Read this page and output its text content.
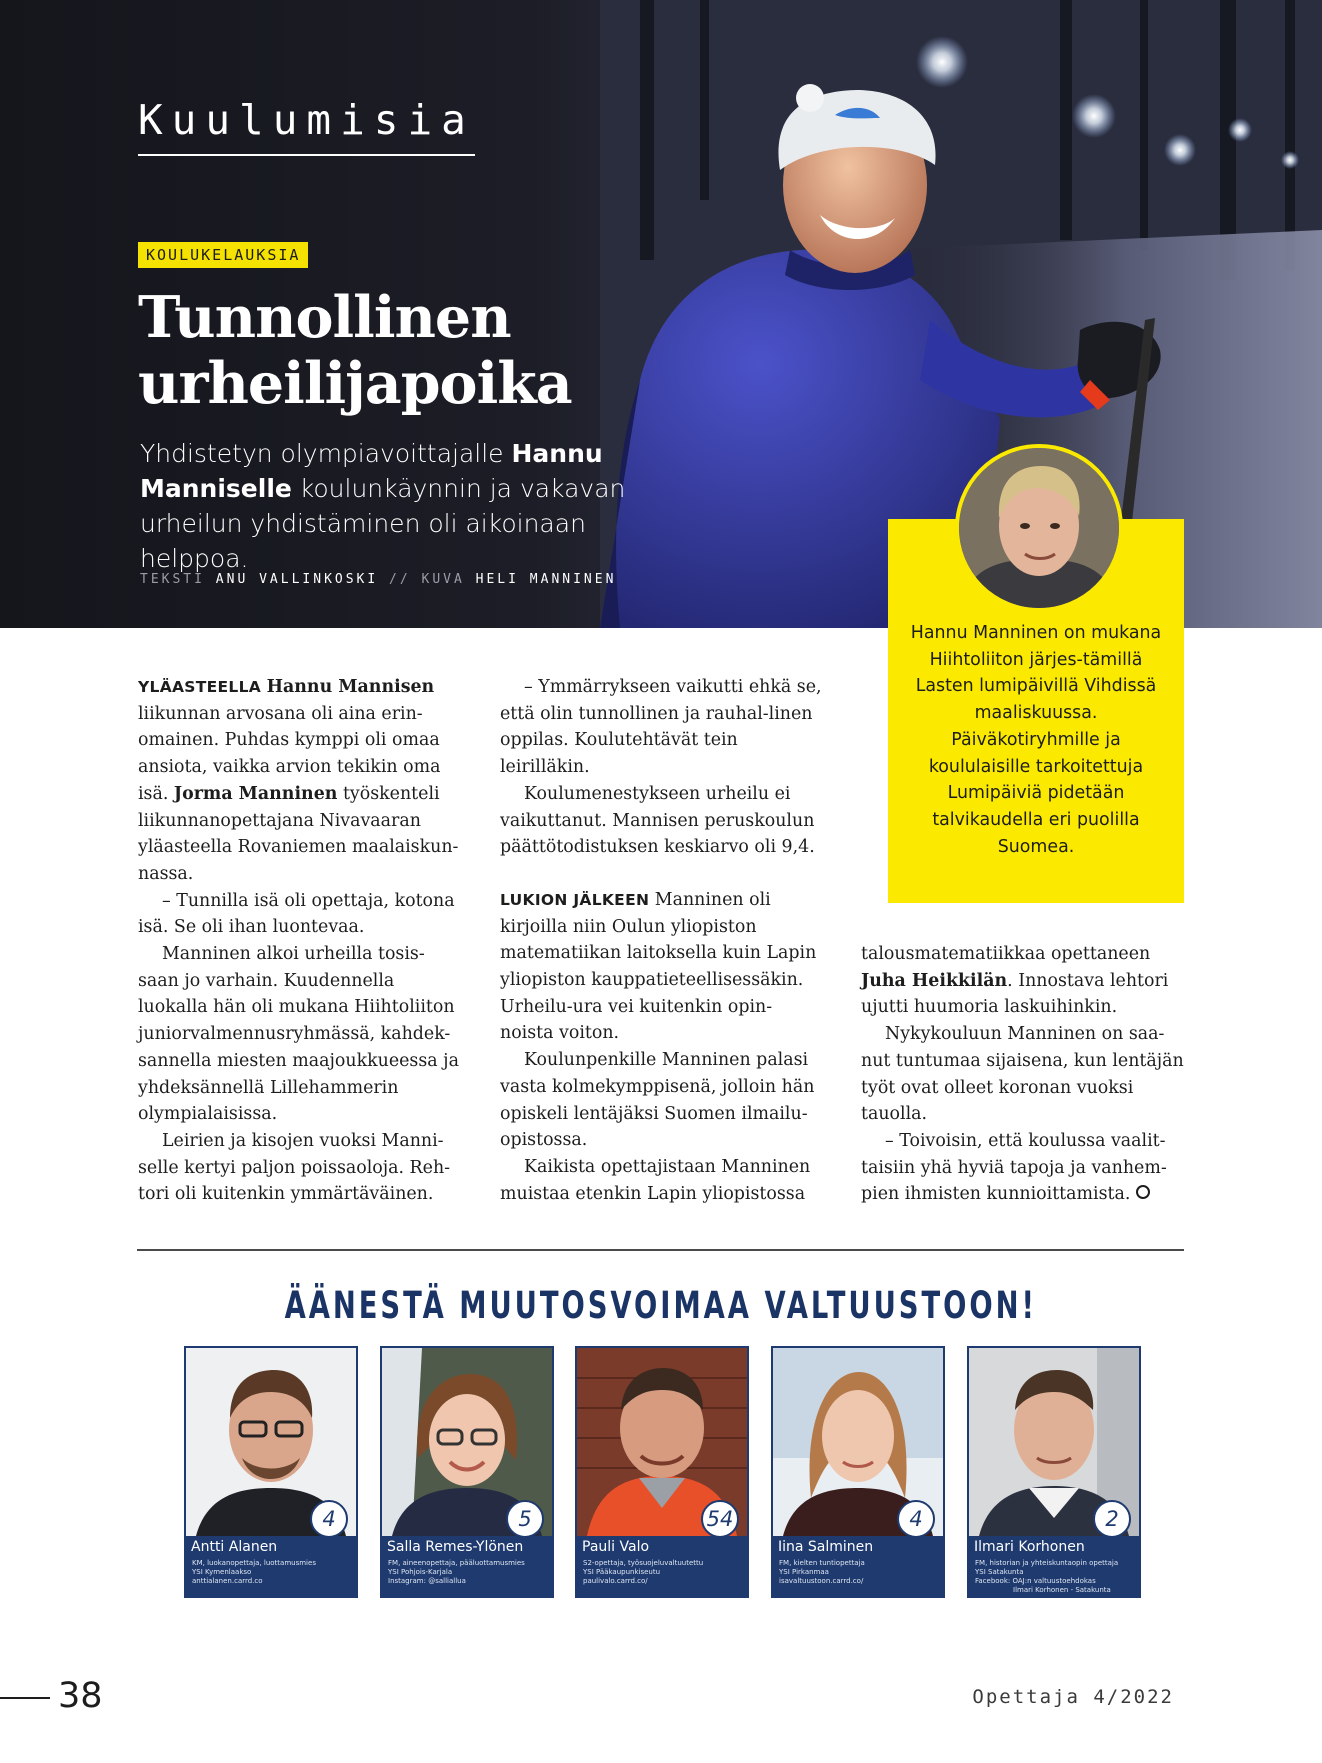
Kuulumisia
KOULUKELAUKSIA
Tunnollinen
urheilijapoika

Yhdistetyn olympiavoittajalle Hannu Manniselle koulunkäynnin ja vakavan urheilun yhdistäminen oli aikoinaan helppoa.

TEKSTI ANU VALLINKOSKI // KUVA HELI MANNINEN

Hannu Manninen on mukana Hiihtoliiton järjes-tämillä Lasten lumipäivillä Vihdissä maaliskuussa. Päiväkotiryhmille ja koululaisille tarkoitettuja Lumipäiviä pidetään talvikaudella eri puolilla Suomea.

YLÄASTEELLA Hannu Mannisen liikunnan arvosana oli aina erin-omainen. Puhdas kymppi oli omaa ansiota, vaikka arvion tekikin oma isä. Jorma Manninen työskenteli liikunnanopettajana Nivavaaran yläasteella Rovaniemen maalaiskun-nassa.

– Tunnilla isä oli opettaja, kotona isä. Se oli ihan luontevaa.

Manninen alkoi urheilla tosis-saan jo varhain. Kuudennella luokalla hän oli mukana Hiihtoliiton juniorvalmennusryhmässä, kahdek-sannella miesten maajoukkueessa ja yhdeksännellä Lillehammerin olympialaisissa.

Leirien ja kisojen vuoksi Manni-selle kertyi paljon poissaoloja. Reh-tori oli kuitenkin ymmärtäväinen.

– Ymmärrykseen vaikutti ehkä se, että olin tunnollinen ja rauhal-linen oppilas. Koulutehtävät tein leirilläkin.

Koulumenestykseen urheilu ei vaikuttanut. Mannisen peruskoulun päättötodistuksen keskiarvo oli 9,4.

LUKION JÄLKEEN Manninen oli kirjoilla niin Oulun yliopiston matematiikan laitoksella kuin Lapin yliopiston kauppatieteellisessäkin. Urheilu-ura vei kuitenkin opin-noista voiton.

Koulunpenkille Manninen palasi vasta kolmekymppisenä, jolloin hän opiskeli lentäjäksi Suomen ilmailu-opistossa.

Kaikista opettajistaan Manninen muistaa etenkin Lapin yliopistossa

talousmatematiikkaa opettaneen Juha Heikkilän. Innostava lehtori ujutti huumoria laskuihinkin.

Nykykouluun Manninen on saa-nut tuntumaa sijaisena, kun lentäjän työt ovat olleet koronan vuoksi tauolla.

– Toivoisin, että koulussa vaalit-taisiin yhä hyviä tapoja ja vanhem-pien ihmisten kunnioittamista.

ÄÄNESTÄ MUUTOSVOIMAA VALTUUSTOON!
4
Antti Alanen
KM, luokanopettaja, luottamusmies
YSI Kymenlaakso
anttialanen.carrd.co
5
Salla Remes-Ylönen
FM, aineenopettaja, pääluottamusmies
YSI Pohjois-Karjala
Instagram: @salliallua
54
Pauli Valo
S2-opettaja, työsuojeluvaltuutettu
YSI Pääkaupunkiseutu
paulivalo.carrd.co/
4
Iina Salminen
FM, kielten tuntiopettaja
YSI Pirkanmaa
isavaltuustoon.carrd.co/
2
Ilmari Korhonen
FM, historian ja yhteiskuntaopin opettaja
YSI Satakunta
Facebook: OAJ:n valtuustoehdokas
Ilmari Korhonen - Satakunta
38	Opettaja 4/2022
